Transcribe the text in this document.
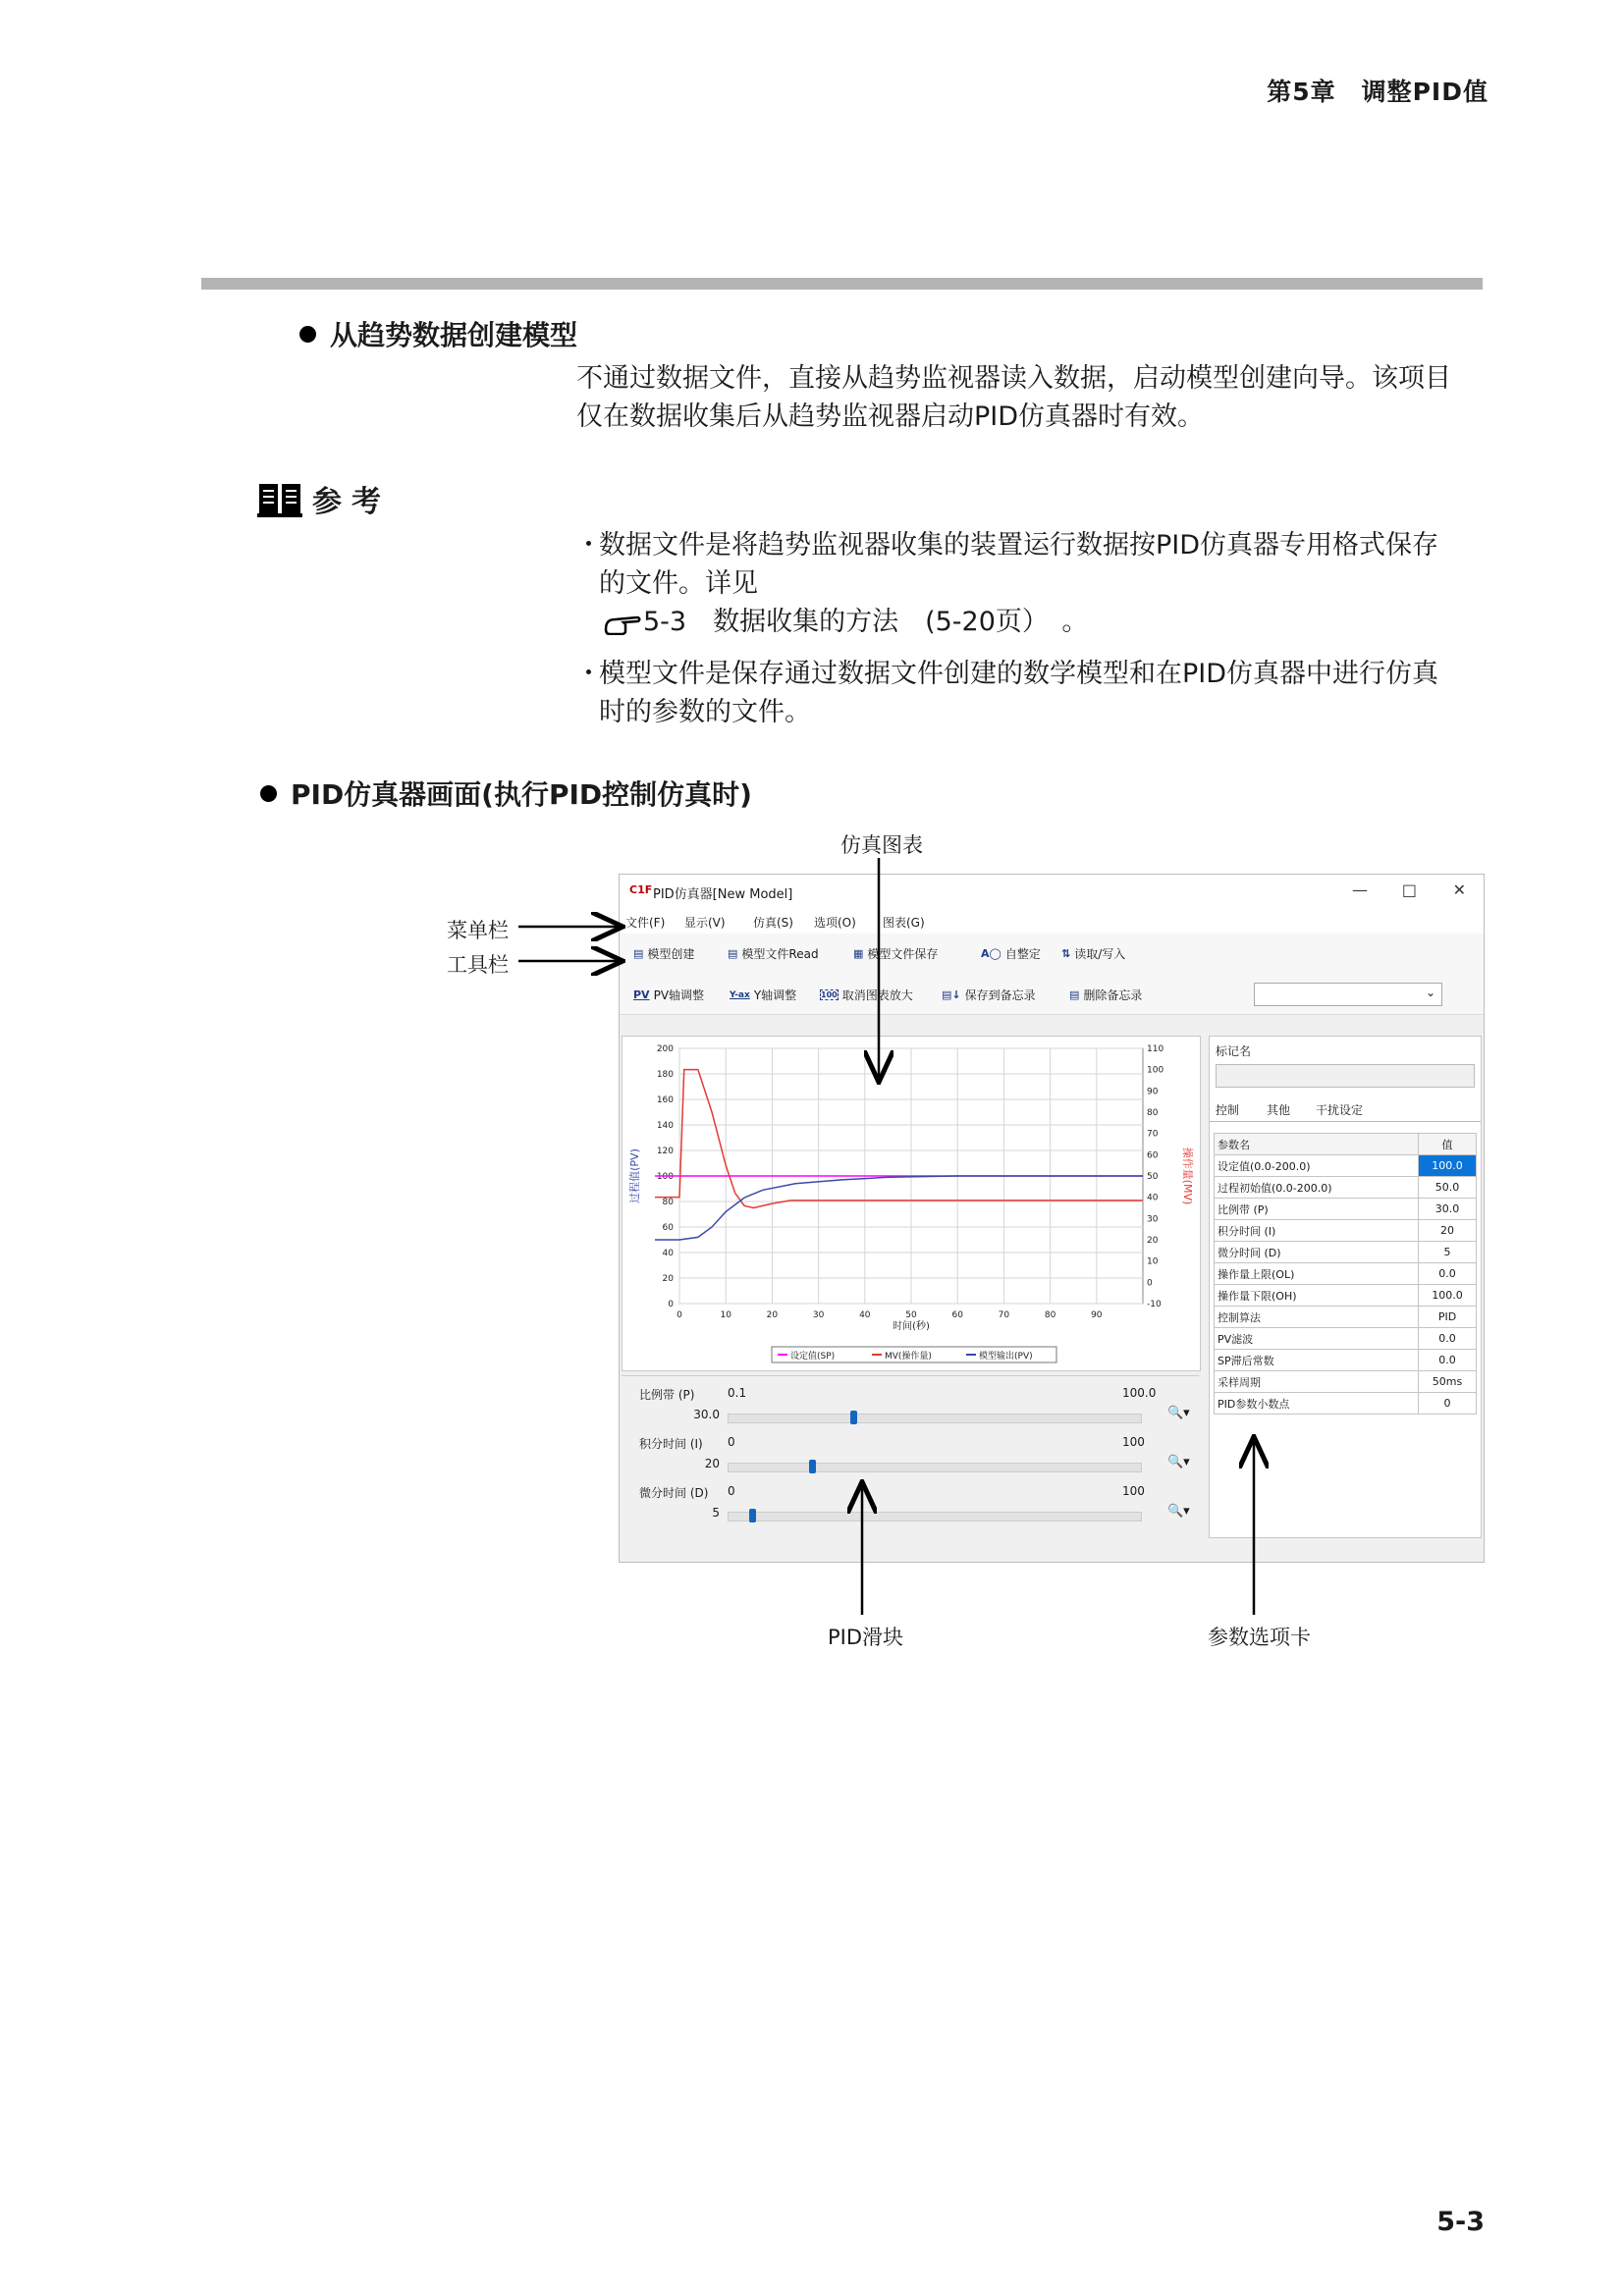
第5章　调整PID值
从趋势数据创建模型
不通过数据文件，直接从趋势监视器读入数据，启动模型创建向导。该项目
仅在数据收集后从趋势监视器启动PID仿真器时有效。
参考
・
数据文件是将趋势监视器收集的装置运行数据按PID仿真器专用格式保存
的文件。详见
5-3　数据收集的方法　(5-20页）　。
・
模型文件是保存通过数据文件创建的数学模型和在PID仿真器中进行仿真
时的参数的文件。
PID仿真器画面(执行PID控制仿真时)
仿真图表
菜单栏
工具栏
PID滑块	参数选项卡
C1F PID仿真器[New Model]	— □ ✕
文件(F) 显示(V) 仿真(S) 选项(O) 图表(G)
▤ 模型创建	▤ 模型文件Read	▦ 模型文件保存	A◯ 自整定 ⇅ 读取/写入
PV PV轴调整	Y-ax Y轴调整	100 取消图表放大	▤↓ 保存到备忘录	▤ 删除备忘录	⌄
0	10	20	30	40	50	60	70	80	90
0
20
40
60
80
100
120
140
160
180
200
-10
0
10
20
30
40
50
60
70
80
90
100
110
时间(秒)
过程值(PV)	操作量(MV)
设定值(SP)	MV(操作量)	模型输出(PV)
比例带 (P)	0.1	100.0
30.0	🔍▾
积分时间 (I) 0	100
20	🔍▾
微分时间 (D) 0	100
5	🔍▾
标记名
控制 其他 干扰设定
参数名	值
设定值(0.0-200.0)	100.0
过程初始值(0.0-200.0)	50.0
比例带 (P)	30.0
积分时间 (I)	20
微分时间 (D)	5
操作量上限(OL)	0.0
操作量下限(OH)	100.0
控制算法	PID
PV滤波	0.0
SP滞后常数	0.0
采样周期	50ms
PID参数小数点	0
5-3
